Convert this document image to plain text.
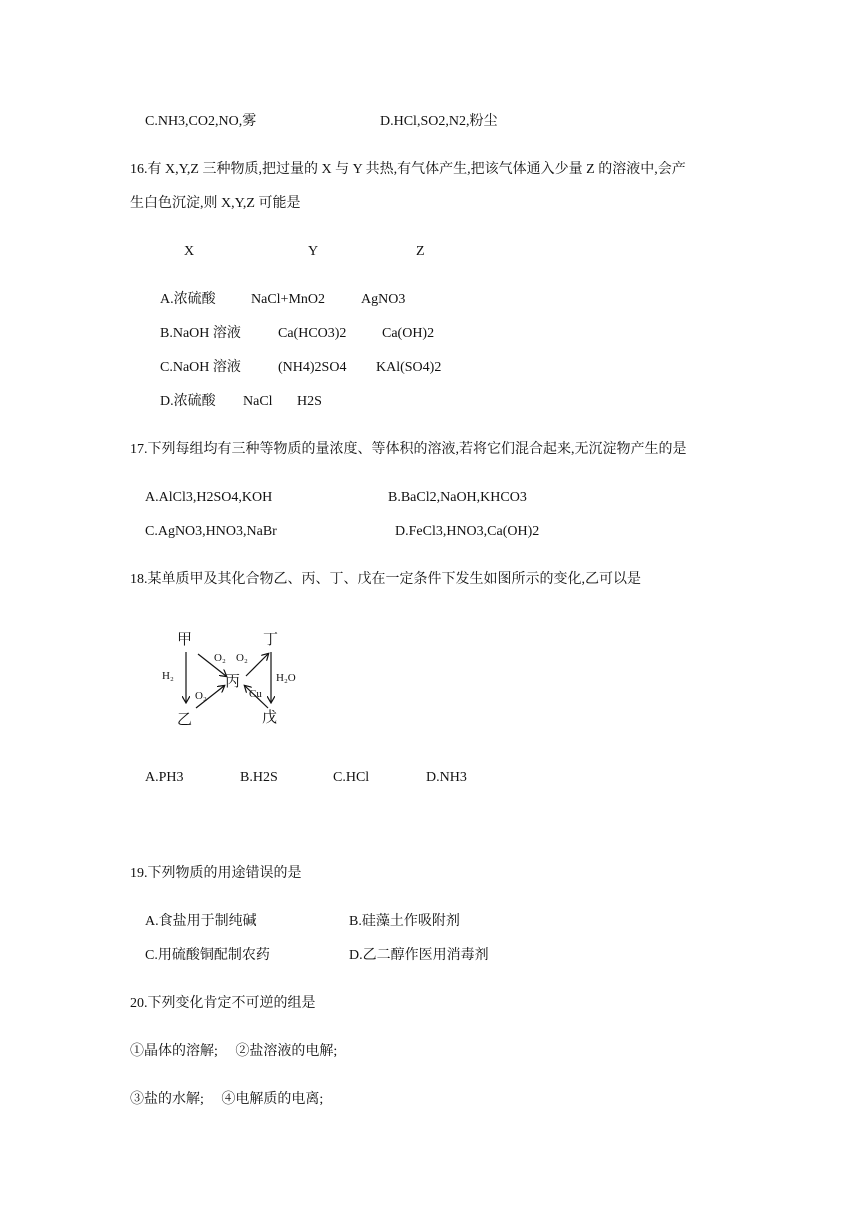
C.NH3,CO2,NO,雾	D.HCl,SO2,N2,粉尘
16.有 X,Y,Z 三种物质,把过量的 X 与 Y 共热,有气体产生,把该气体通入少量 Z 的溶液中,会产
生白色沉淀,则 X,Y,Z 可能是
X	Y	Z
A.浓硫酸	NaCl+MnO2	AgNO3
B.NaOH 溶液	Ca(HCO3)2	Ca(OH)2
C.NaOH 溶液	(NH4)2SO4 KAl(SO4)2
D.浓硫酸 NaCl H2S
17.下列每组均有三种等物质的量浓度、等体积的溶液,若将它们混合起来,无沉淀物产生的是
A.AlCl3,H2SO4,KOH	B.BaCl2,NaOH,KHCO3
C.AgNO3,HNO3,NaBr	D.FeCl3,HNO3,Ca(OH)2
18.某单质甲及其化合物乙、丙、丁、戊在一定条件下发生如图所示的变化,乙可以是
甲	丁
丙
乙	戊
H₂	H₂O
O₂ O₂
O₂	Cu
A.PH3	B.H2S	C.HCl	D.NH3
19.下列物质的用途错误的是
A.食盐用于制纯碱	B.硅藻土作吸附剂
C.用硫酸铜配制农药	D.乙二醇作医用消毒剂
20.下列变化肯定不可逆的组是
①晶体的溶解;　 ②盐溶液的电解;
③盐的水解;　 ④电解质的电离;
